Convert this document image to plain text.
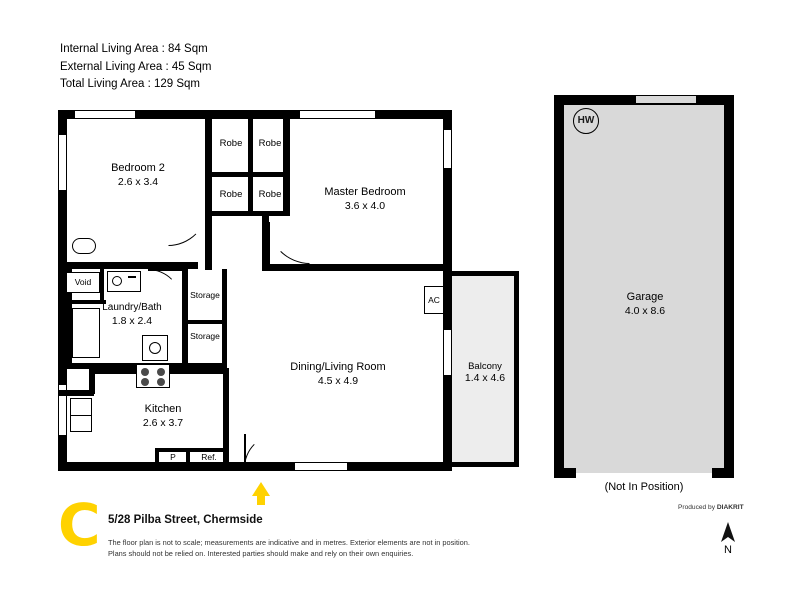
Internal Living Area : 84 Sqm
External Living Area : 45 Sqm
Total Living Area : 129 Sqm
AC
Bedroom 2
2.6 x 3.4
Master Bedroom
3.6 x 4.0
Laundry/Bath
1.8 x 2.4
Dining/Living Room
4.5 x 4.9
Kitchen
2.6 x 3.7
Balcony
1.4 x 4.6
Robe	Robe
Robe	Robe
Storage
Storage
Void
P	Ref.
HW
Garage
4.0 x 8.6
(Not In Position)
C 5/28 Pilba Street, Chermside
The floor plan is not to scale; measurements are indicative and in metres. Exterior elements are not in position.
Plans should not be relied on. Interested parties should make and rely on their own enquiries.
Produced by DIAKRIT
N
